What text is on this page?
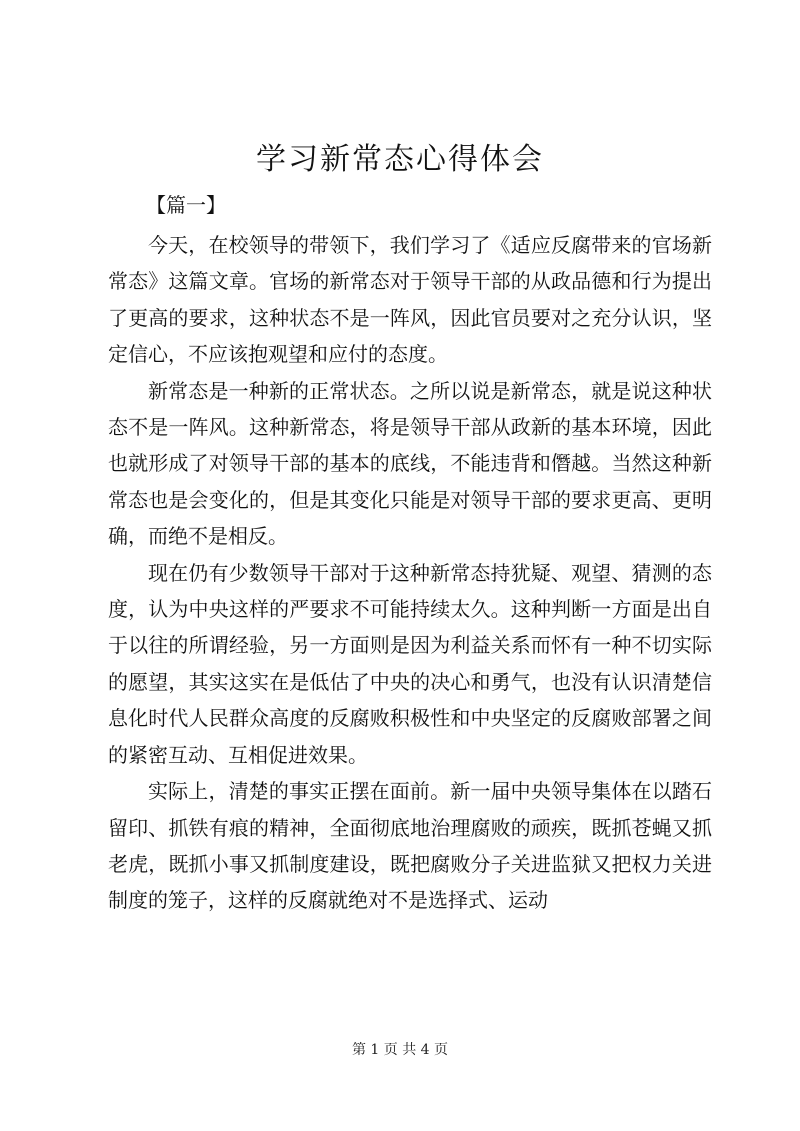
学习新常态心得体会
【篇一】

今天，在校领导的带领下，我们学习了《适应反腐带来的官场新常态》这篇文章。官场的新常态对于领导干部的从政品德和行为提出了更高的要求，这种状态不是一阵风，因此官员要对之充分认识，坚定信心，不应该抱观望和应付的态度。

新常态是一种新的正常状态。之所以说是新常态，就是说这种状态不是一阵风。这种新常态，将是领导干部从政新的基本环境，因此也就形成了对领导干部的基本的底线，不能违背和僭越。当然这种新常态也是会变化的，但是其变化只能是对领导干部的要求更高、更明确，而绝不是相反。

现在仍有少数领导干部对于这种新常态持犹疑、观望、猜测的态度，认为中央这样的严要求不可能持续太久。这种判断一方面是出自于以往的所谓经验，另一方面则是因为利益关系而怀有一种不切实际的愿望，其实这实在是低估了中央的决心和勇气，也没有认识清楚信息化时代人民群众高度的反腐败积极性和中央坚定的反腐败部署之间的紧密互动、互相促进效果。

实际上，清楚的事实正摆在面前。新一届中央领导集体在以踏石留印、抓铁有痕的精神，全面彻底地治理腐败的顽疾，既抓苍蝇又抓老虎，既抓小事又抓制度建设，既把腐败分子关进监狱又把权力关进制度的笼子，这样的反腐就绝对不是选择式、运动

第 1 页 共 4 页
